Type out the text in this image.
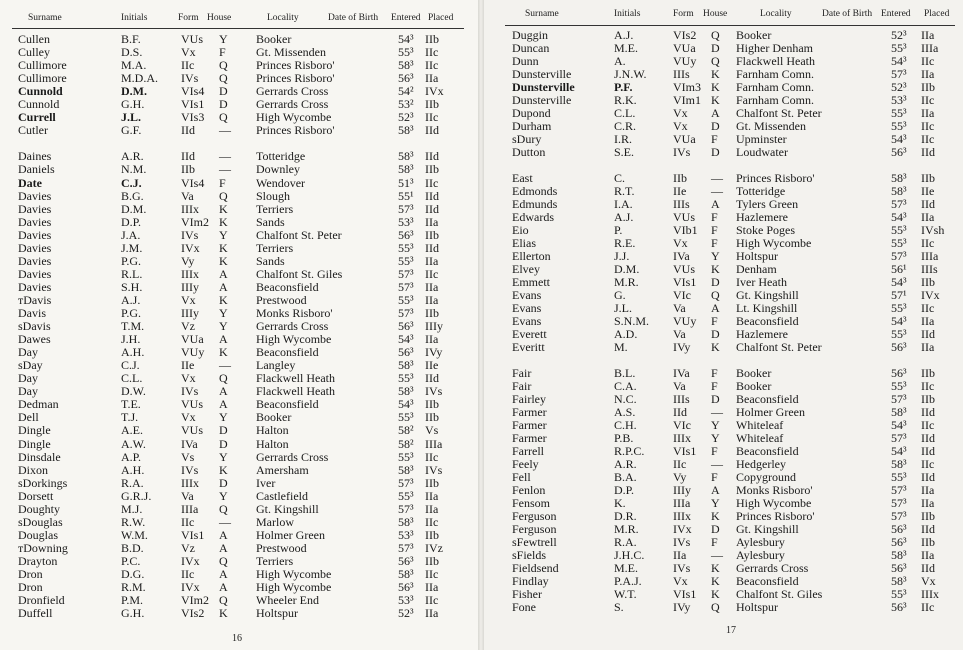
Surname	Initials	Form House	Locality	Date of Birth Entered Placed
Cullen	B.F.	VUs Y Booker	54³ IIb
Culley	D.S.	Vx F	Gt. Missenden	55³ IIc
Cullimore	M.A.	IIc Q Princes Risboro'	58³ IIc
Cullimore	M.D.A. IVs Q Princes Risboro'	56³ IIa
Cunnold	D.M.	VIs4 D Gerrards Cross	54² IVx
Cunnold	G.H.	VIs1 D Gerrards Cross	53² IIb
Currell	J.L.	VIs3 Q High Wycombe	52³ IIc
Cutler	G.F.	IId — Princes Risboro'	58³ IId
Daines	A.R.	IId — Totteridge	58³ IId
Daniels	N.M.	IIb — Downley	58³ IIb
Date	C.J.	VIs4 F	Wendover	51³ IIc
Davies	B.G.	Va Q Slough	55¹ IId
Davies	D.M.	IIIx K Terriers	57³ IId
Davies	D.P.	VIm2 K Sands	53³ IIa
Davies	J.A.	IVs Y Chalfont St. Peter	56³ IIb
Davies	J.M.	IVx K Terriers	55³ IId
Davies	P.G.	Vy K Sands	55³ IIa
Davies	R.L.	IIIx A Chalfont St. Giles	57³ IIc
Davies	S.H.	IIIy A Beaconsfield	57³ IIa
ᴛDavis	A.J.	Vx K Prestwood	55³ IIa
Davis	P.G.	IIIy Y Monks Risboro'	57³ IIb
sDavis	T.M.	Vz Y Gerrards Cross	56³ IIIy
Dawes	J.H.	VUa A High Wycombe	54³ IIa
Day	A.H.	VUy K Beaconsfield	56³ IVy
sDay	C.J.	IIe — Langley	58³ IIe
Day	C.L.	Vx Q Flackwell Heath	55³ IId
Day	D.W.	IVs A Flackwell Heath	58³ IVs
Dedman	T.E.	VUs A Beaconsfield	54³ IIb
Dell	T.J.	Vx Y Booker	55³ IIb
Dingle	A.E.	VUs D Halton	58² Vs
Dingle	A.W.	IVa D Halton	58² IIIa
Dinsdale	A.P.	Vs Y Gerrards Cross	55³ IIc
Dixon	A.H.	IVs K Amersham	58³ IVs
sDorkings	R.A.	IIIx D Iver	57³ IIb
Dorsett	G.R.J. Va Y Castlefield	55³ IIa
Doughty	M.J.	IIIa Q Gt. Kingshill	57³ IIa
sDouglas	R.W.	IIc — Marlow	58³ IIc
Douglas	W.M.	VIs1 A Holmer Green	53³ IIb
ᴛDowning	B.D.	Vz A Prestwood	57³ IVz
Drayton	P.C.	IVx Q Terriers	56³ IIb
Dron	D.G.	IIc A High Wycombe	58³ IIc
Dron	R.M.	IVx A High Wycombe	56³ IIa
Dronfield	P.M.	VIm2 Q Wheeler End	53³ IIc
Duffell	G.H.	VIs2 K Holtspur	52³ IIa
16
Surname	Initials	Form House	Locality	Date of Birth Entered Placed
Duggin	A.J.	VIs2 Q Booker	52³ IIa
Duncan	M.E.	VUa D Higher Denham	55³ IIIa
Dunn	A.	VUy Q Flackwell Heath	54³ IIc
Dunsterville	J.N.W. IIIs K Farnham Comn.	57³ IIa
Dunsterville	P.F.	VIm3 K Farnham Comn.	52³ IIb
Dunsterville	R.K.	VIm1 K Farnham Comn.	53³ IIc
Dupond	C.L.	Vx A Chalfont St. Peter	55³ IIa
Durham	C.R.	Vx D Gt. Missenden	55³ IIc
sDury	I.R.	VUa F Upminster	54³ IIc
Dutton	S.E.	IVs D Loudwater	56³ IId
East	C.	IIb — Princes Risboro'	58³ IIb
Edmonds	R.T.	IIe — Totteridge	58³ IIe
Edmunds	I.A.	IIIs A Tylers Green	57³ IId
Edwards	A.J.	VUs F Hazlemere	54³ IIa
Eio	P.	VIb1 F Stoke Poges	55³ IVsh
Elias	R.E.	Vx F High Wycombe	55³ IIc
Ellerton	J.J.	IVa Y Holtspur	57³ IIIa
Elvey	D.M.	VUs K Denham	56¹ IIIs
Emmett	M.R.	VIs1 D Iver Heath	54³ IIb
Evans	G.	VIc Q Gt. Kingshill	57¹ IVx
Evans	J.L.	Va A Lt. Kingshill	55³ IIc
Evans	S.N.M. VUy F Beaconsfield	54³ IIa
Everett	A.D.	Va D Hazlemere	55³ IId
Everitt	M.	IVy K Chalfont St. Peter	56³ IIa
Fair	B.L.	IVa F Booker	56³ IIb
Fair	C.A.	Va F Booker	55³ IIc
Fairley	N.C.	IIIs D Beaconsfield	57³ IIb
Farmer	A.S.	IId — Holmer Green	58³ IId
Farmer	C.H.	VIc Y Whiteleaf	54³ IIc
Farmer	P.B.	IIIx Y Whiteleaf	57³ IId
Farrell	R.P.C. VIs1 F Beaconsfield	54³ IId
Feely	A.R.	IIc — Hedgerley	58³ IIc
Fell	B.A.	Vy F Copyground	55³ IId
Fenlon	D.P.	IIIy A Monks Risboro'	57³ IIa
Fensom	K.	IIIa Y High Wycombe	57³ IIa
Ferguson	D.R.	IIIx K Princes Risboro'	57³ IIb
Ferguson	M.R.	IVx D Gt. Kingshill	56³ IId
sFewtrell	R.A.	IVs F Aylesbury	56³ IIb
sFields	J.H.C. IIa — Aylesbury	58³ IIa
Fieldsend	M.E.	IVs K Gerrards Cross	56³ IId
Findlay	P.A.J.	Vx K Beaconsfield	58³ Vx
Fisher	W.T.	VIs1 K Chalfont St. Giles	55³ IIIx
Fone	S.	IVy Q Holtspur	56³ IIc
17
